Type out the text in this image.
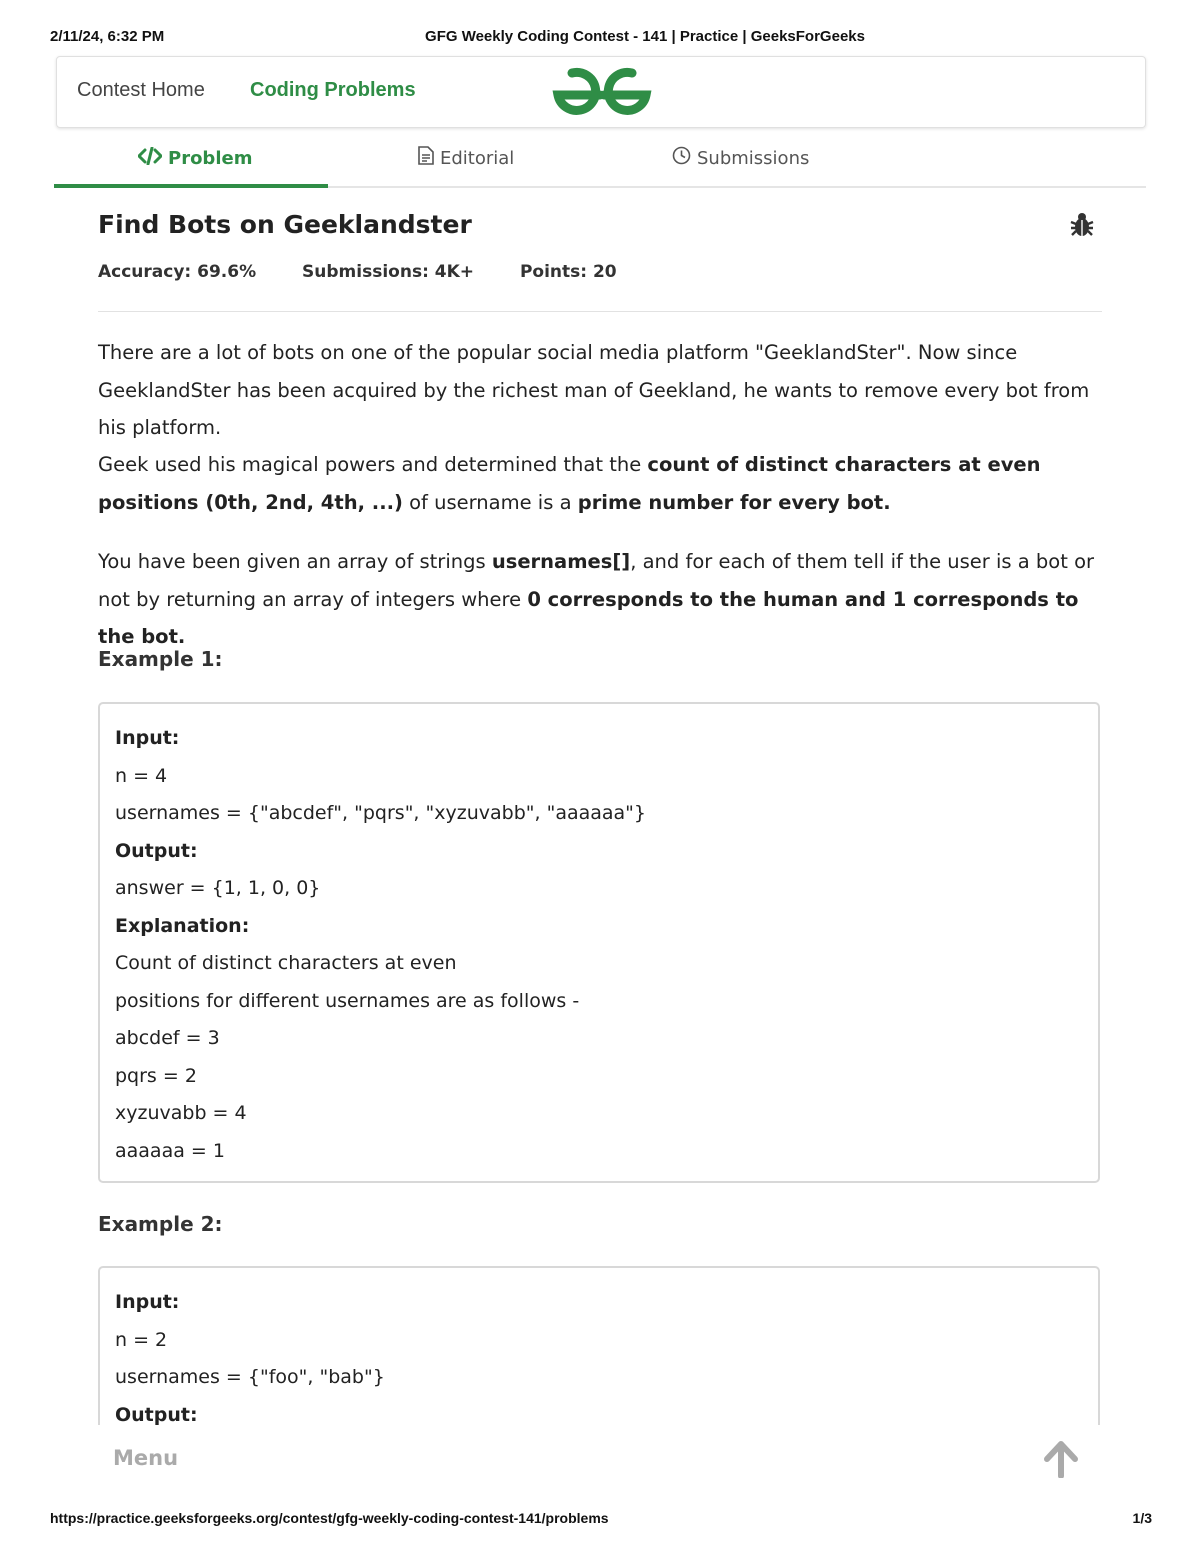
2/11/24, 6:32 PM	GFG Weekly Coding Contest - 141 | Practice | GeeksForGeeks
Contest Home Coding Problems
Problem	Editorial	Submissions
Find Bots on Geeklandster
Accuracy: 69.6%	Submissions: 4K+	Points: 20
There are a lot of bots on one of the popular social media platform "GeeklandSter". Now since GeeklandSter has been acquired by the richest man of Geekland, he wants to remove every bot from his platform.
Geek used his magical powers and determined that the count of distinct characters at even positions (0th, 2nd, 4th, ...) of username is a prime number for every bot.
You have been given an array of strings usernames[], and for each of them tell if the user is a bot or not by returning an array of integers where 0 corresponds to the human and 1 corresponds to the bot.
Example 1:
Input:
n = 4
usernames = {"abcdef", "pqrs", "xyzuvabb", "aaaaaa"}
Output:
answer = {1, 1, 0, 0}
Explanation:
Count of distinct characters at even
positions for different usernames are as follows -
abcdef = 3
pqrs = 2
xyzuvabb = 4
aaaaaa = 1
Example 2:
Input:
n = 2
usernames = {"foo", "bab"}
Output:
Menu
https://practice.geeksforgeeks.org/contest/gfg-weekly-coding-contest-141/problems	1/3
